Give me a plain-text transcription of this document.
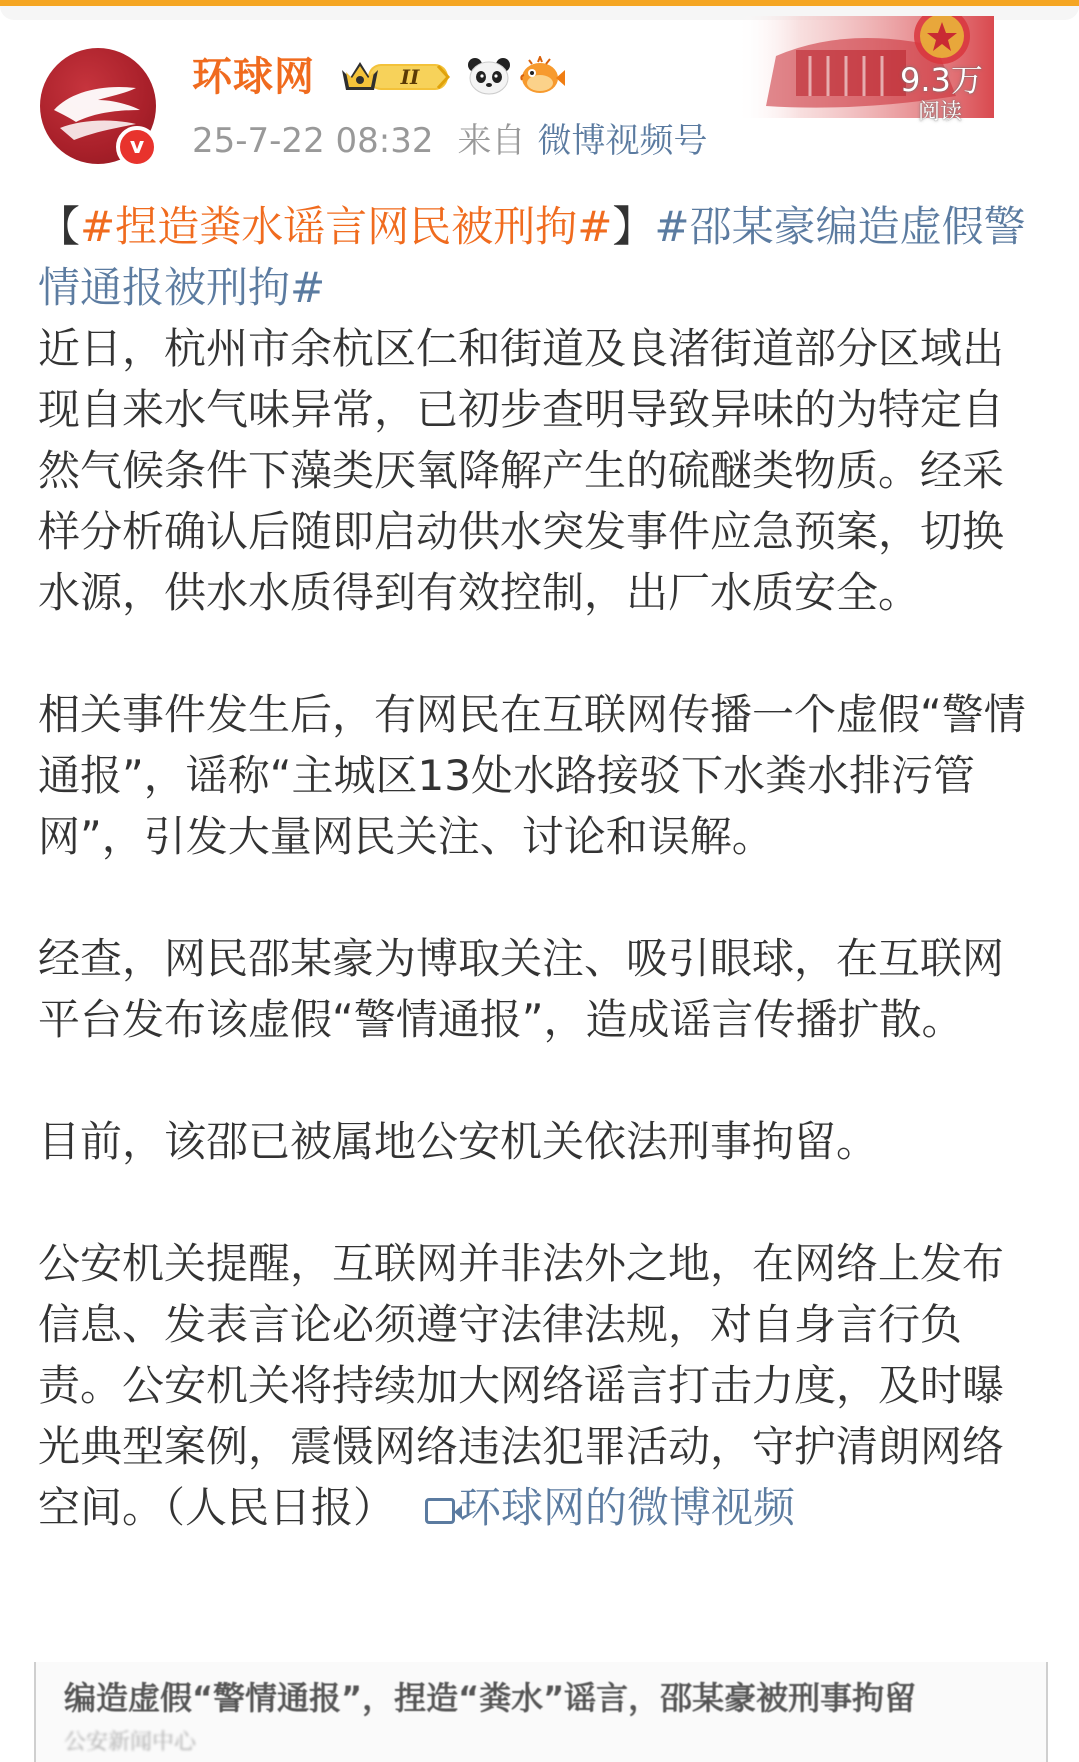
v
环球网	II
25-7-22 08:32 来自 微博视频号
9.3万
阅读

【#捏造粪水谣言网民被刑拘#】#邵某豪编造虚假警情通报被刑拘#

近日，杭州市余杭区仁和街道及良渚街道部分区域出现自来水气味异常，已初步查明导致异味的为特定自然气候条件下藻类厌氧降解产生的硫醚类物质。经采样分析确认后随即启动供水突发事件应急预案，切换水源，供水水质得到有效控制，出厂水质安全。

相关事件发生后，有网民在互联网传播一个虚假“警情通报”，谣称“主城区13处水路接驳下水粪水排污管网”，引发大量网民关注、讨论和误解。

经查，网民邵某豪为博取关注、吸引眼球，在互联网平台发布该虚假“警情通报”，造成谣言传播扩散。

目前，该邵已被属地公安机关依法刑事拘留。

公安机关提醒，互联网并非法外之地，在网络上发布信息、发表言论必须遵守法律法规，对自身言行负责。公安机关将持续加大网络谣言打击力度，及时曝光典型案例，震慑网络违法犯罪活动，守护清朗网络空间。（人民日报） 环球网的微博视频

编造虚假“警情通报”，捏造“粪水”谣言，邵某豪被刑事拘留
公安新闻中心
